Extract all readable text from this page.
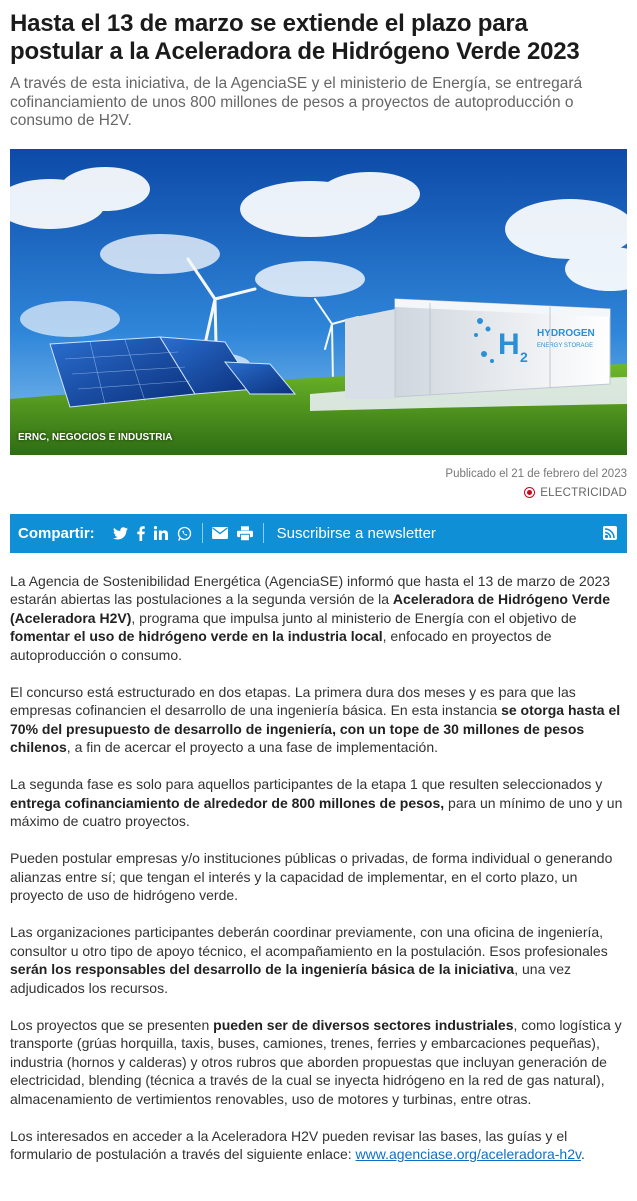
Hasta el 13 de marzo se extiende el plazo para postular a la Aceleradora de Hidrógeno Verde 2023

A través de esta iniciativa, de la AgenciaSE y el ministerio de Energía, se entregará cofinanciamiento de unos 800 millones de pesos a proyectos de autoproducción o consumo de H2V.

H 2
HYDROGEN
ENERGY STORAGE
ERNC, NEGOCIOS E INDUSTRIA
Publicado el 21 de febrero del 2023
ELECTRICIDAD
Compartir:	Suscribirse a newsletter

La Agencia de Sostenibilidad Energética (AgenciaSE) informó que hasta el 13 de marzo de 2023 estarán abiertas las postulaciones a la segunda versión de la Aceleradora de Hidrógeno Verde (Aceleradora H2V), programa que impulsa junto al ministerio de Energía con el objetivo de fomentar el uso de hidrógeno verde en la industria local, enfocado en proyectos de autoproducción o consumo.

El concurso está estructurado en dos etapas. La primera dura dos meses y es para que las empresas cofinancien el desarrollo de una ingeniería básica. En esta instancia se otorga hasta el 70% del presupuesto de desarrollo de ingeniería, con un tope de 30 millones de pesos chilenos, a fin de acercar el proyecto a una fase de implementación.

La segunda fase es solo para aquellos participantes de la etapa 1 que resulten seleccionados y entrega cofinanciamiento de alrededor de 800 millones de pesos, para un mínimo de uno y un máximo de cuatro proyectos.

Pueden postular empresas y/o instituciones públicas o privadas, de forma individual o generando alianzas entre sí; que tengan el interés y la capacidad de implementar, en el corto plazo, un proyecto de uso de hidrógeno verde.

Las organizaciones participantes deberán coordinar previamente, con una oficina de ingeniería, consultor u otro tipo de apoyo técnico, el acompañamiento en la postulación. Esos profesionales serán los responsables del desarrollo de la ingeniería básica de la iniciativa, una vez adjudicados los recursos.

Los proyectos que se presenten pueden ser de diversos sectores industriales, como logística y transporte (grúas horquilla, taxis, buses, camiones, trenes, ferries y embarcaciones pequeñas), industria (hornos y calderas) y otros rubros que aborden propuestas que incluyan generación de electricidad, blending (técnica a través de la cual se inyecta hidrógeno en la red de gas natural), almacenamiento de vertimientos renovables, uso de motores y turbinas, entre otras.

Los interesados en acceder a la Aceleradora H2V pueden revisar las bases, las guías y el formulario de postulación a través del siguiente enlace: www.agenciase.org/aceleradora-h2v.
